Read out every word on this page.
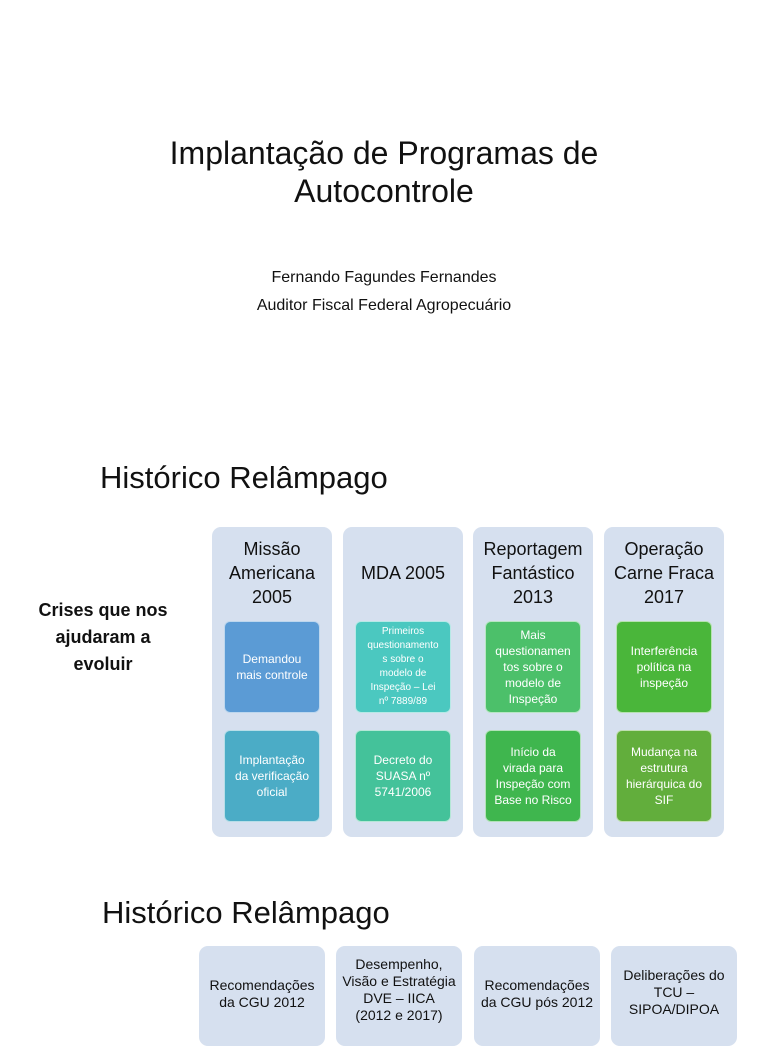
Implantação de Programas de
Autocontrole
Fernando Fagundes Fernandes
Auditor Fiscal Federal Agropecuário
Histórico Relâmpago
Crises que nos
ajudaram a
evoluir
Missão
Americana
2005
Demandou
mais controle
Implantação
da verificação
oficial
MDA 2005
Primeiros
questionamento
s sobre o
modelo de
Inspeção – Lei
nº 7889/89
Decreto do
SUASA nº
5741/2006
Reportagem
Fantástico
2013
Mais
questionamen
tos sobre o
modelo de
Inspeção
Início da
virada para
Inspeção com
Base no Risco
Operação
Carne Fraca
2017
Interferência
política na
inspeção
Mudança na
estrutura
hierárquica do
SIF
Histórico Relâmpago
Recomendações
da CGU 2012
Desempenho,
Visão e Estratégia
DVE – IICA
(2012 e 2017)
Recomendações
da CGU pós 2012
Deliberações do
TCU –
SIPOA/DIPOA
